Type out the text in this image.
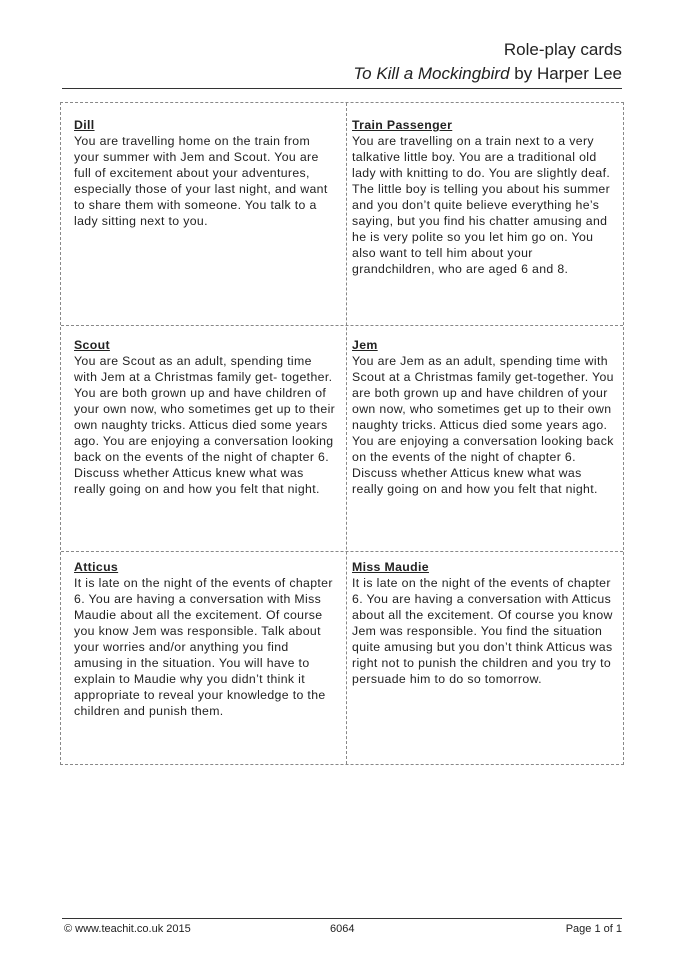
Role-play cards
To Kill a Mockingbird by Harper Lee
Dill
You are travelling home on the train from your summer with Jem and Scout. You are full of excitement about your adventures, especially those of your last night, and want to share them with someone. You talk to a lady sitting next to you.
Train Passenger
You are travelling on a train next to a very talkative little boy. You are a traditional old lady with knitting to do. You are slightly deaf. The little boy is telling you about his summer and you don’t quite believe everything he’s saying, but you find his chatter amusing and he is very polite so you let him go on. You also want to tell him about your grandchildren, who are aged 6 and 8.
Scout
You are Scout as an adult, spending time with Jem at a Christmas family get- together. You are both grown up and have children of your own now, who sometimes get up to their own naughty tricks. Atticus died some years ago. You are enjoying a conversation looking back on the events of the night of chapter 6. Discuss whether Atticus knew what was really going on and how you felt that night.
Jem
You are Jem as an adult, spending time with Scout at a Christmas family get-together. You are both grown up and have children of your own now, who sometimes get up to their own naughty tricks. Atticus died some years ago. You are enjoying a conversation looking back on the events of the night of chapter 6. Discuss whether Atticus knew what was really going on and how you felt that night.
Atticus
It is late on the night of the events of chapter 6. You are having a conversation with Miss Maudie about all the excitement. Of course you know Jem was responsible. Talk about your worries and/or anything you find amusing in the situation. You will have to explain to Maudie why you didn’t think it appropriate to reveal your knowledge to the children and punish them.
Miss Maudie
It is late on the night of the events of chapter 6. You are having a conversation with Atticus about all the excitement. Of course you know Jem was responsible. You find the situation quite amusing but you don’t think Atticus was right not to punish the children and you try to persuade him to do so tomorrow.
© www.teachit.co.uk 2015	6064	Page 1 of 1
